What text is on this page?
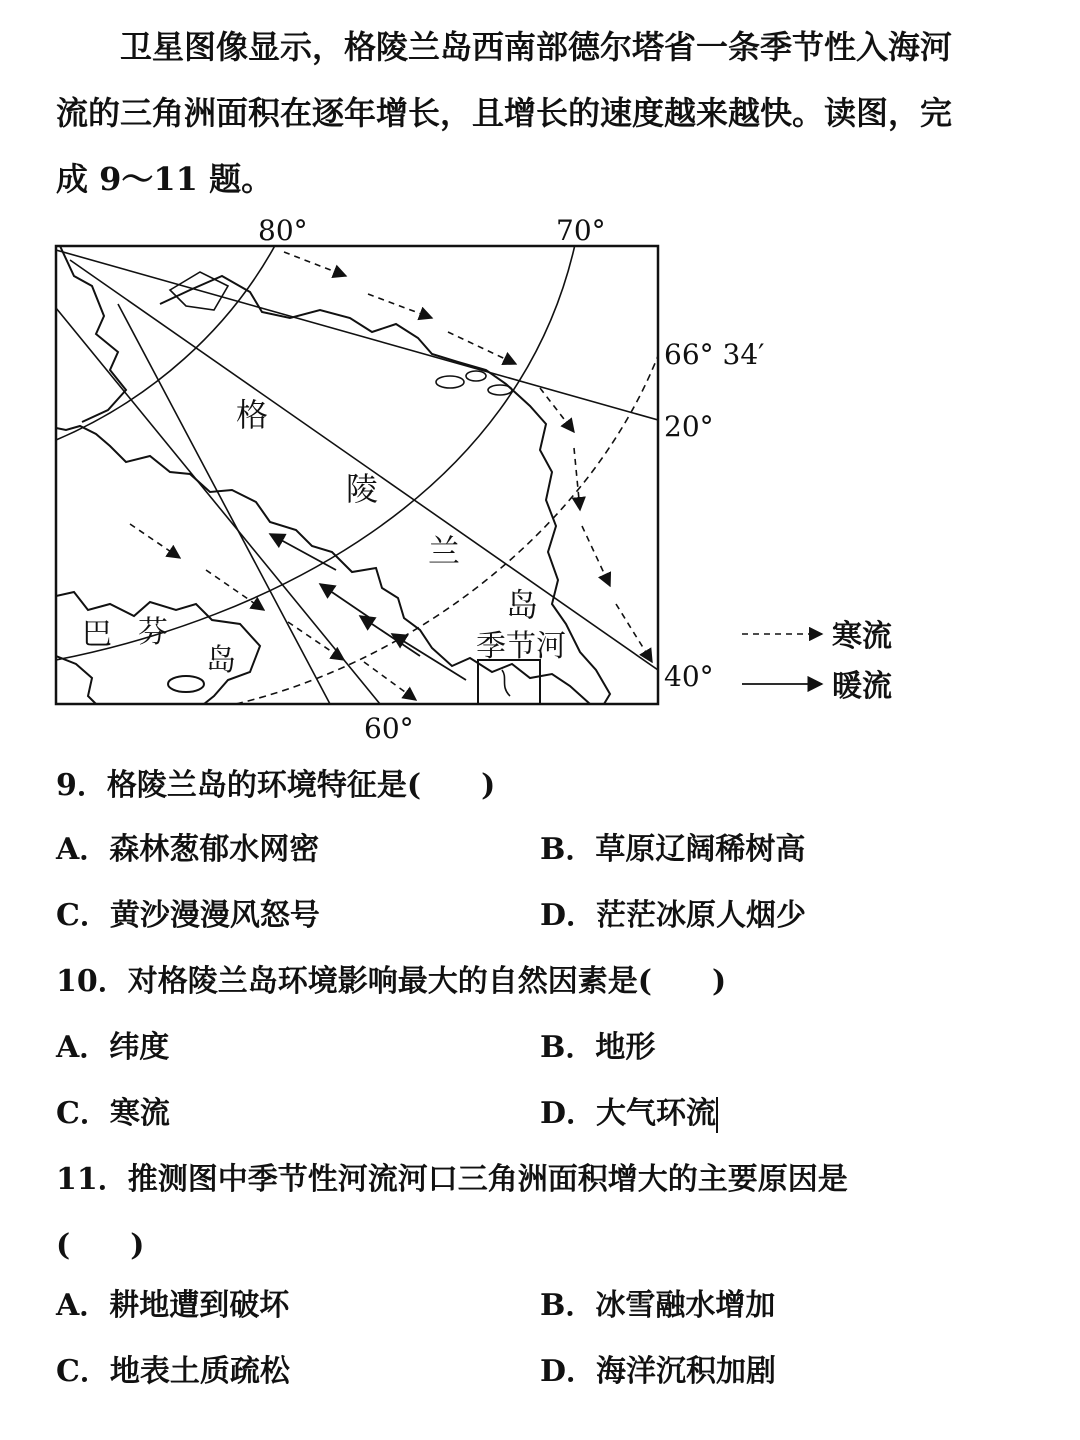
卫星图像显示，格陵兰岛西南部德尔塔省一条季节性入海河
流的三角洲面积在逐年增长，且增长的速度越来越快。读图，完
成 9～11 题。
80°	70°
60°
66° 34′
20°
40°
格
陵
兰
岛
巴 芬
岛	季节河	寒流
暖流
9．格陵兰岛的环境特征是(　　)
A．森林葱郁水网密	B．草原辽阔稀树高
C．黄沙漫漫风怒号	D．茫茫冰原人烟少
10．对格陵兰岛环境影响最大的自然因素是(　　)
A．纬度	B．地形
C．寒流	D．大气环流
11．推测图中季节性河流河口三角洲面积增大的主要原因是
(　　)
A．耕地遭到破坏	B．冰雪融水增加
C．地表土质疏松	D．海洋沉积加剧
